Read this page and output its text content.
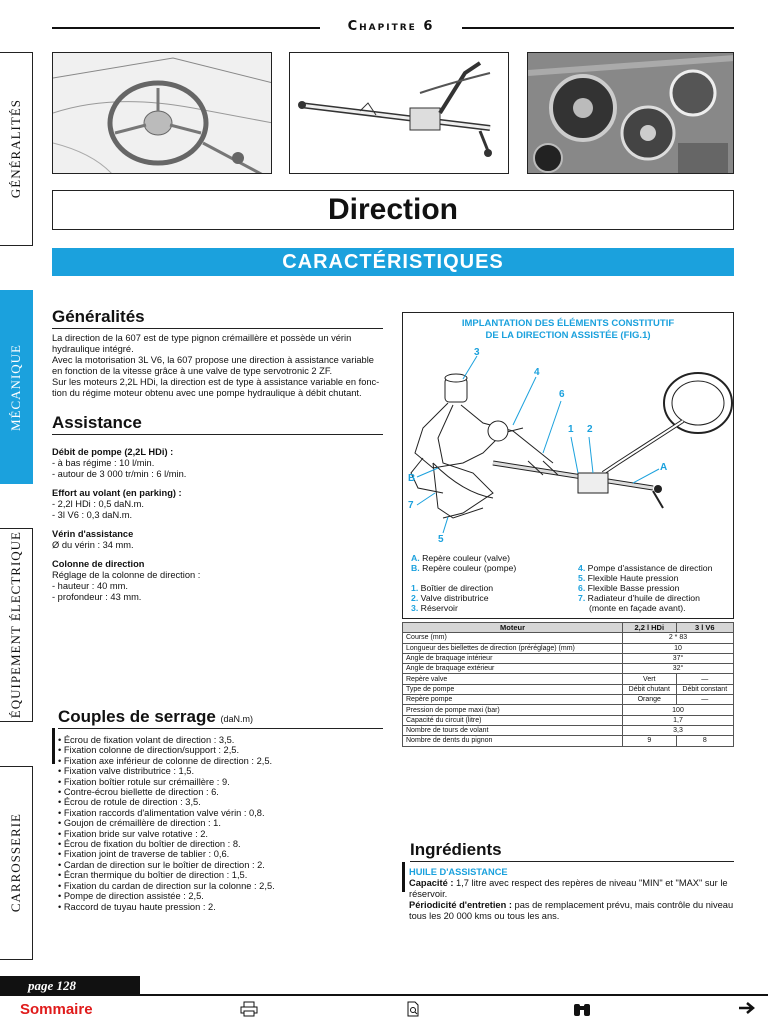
Chapitre 6
GÉNÉRALITÉS
MÉCANIQUE
ÉQUIPEMENT ÉLECTRIQUE
CARROSSERIE
Direction
CARACTÉRISTIQUES
Généralités

La direction de la 607 est de type pignon crémaillère et possède un vérin

hydraulique intégré.

Avec la motorisation 3L V6, la 607 propose une direction à assistance variable

en fonction de la vitesse grâce à une valve de type servotronic 2 ZF.

Sur les moteurs 2,2L HDi, la direction est de type à assistance variable en fonc-

tion du régime moteur obtenu avec une pompe hydraulique à débit chutant.

Assistance

Débit de pompe (2,2L HDi) :

- à bas régime : 10 l/min.

- autour de 3 000 tr/min : 6 l/min.

Effort au volant (en parking) :

- 2,2l HDi : 0,5 daN.m.

- 3l V6 : 0,3 daN.m.

Vérin d'assistance

Ø du vérin : 34 mm.

Colonne de direction

Réglage de la colonne de direction :

- hauteur : 40 mm.

- profondeur : 43 mm.

Couples de serrage (daN.m)

• Écrou de fixation volant de direction : 3,5.

• Fixation colonne de direction/support : 2,5.

• Fixation axe inférieur de colonne de direction : 2,5.

• Fixation valve distributrice : 1,5.

• Fixation boîtier rotule sur crémaillère : 9.

• Contre-écrou biellette de direction : 6.

• Écrou de rotule de direction : 3,5.

• Fixation raccords d'alimentation valve vérin : 0,8.

• Goujon de crémaillère de direction : 1.

• Fixation bride sur valve rotative : 2.

• Écrou de fixation du boîtier de direction : 8.

• Fixation joint de traverse de tablier : 0,6.

• Cardan de direction sur le boîtier de direction : 2.

• Écran thermique du boîtier de direction : 1,5.

• Fixation du cardan de direction sur la colonne : 2,5.

• Pompe de direction assistée : 2,5.

• Raccord de tuyau haute pression : 2.

IMPLANTATION DES ÉLÉMENTS CONSTITUTIF
DE LA DIRECTION ASSISTÉE (FIG.1)
3
4
6
1 2
A
B
7
5
A. Repère couleur (valve)
B. Repère couleur (pompe)
1. Boîtier de direction
2. Valve distributrice
3. Réservoir
4. Pompe d'assistance de direction
5. Flexible Haute pression
6. Flexible Basse pression
7. Radiateur d'huile de direction
(monte en façade avant).
Moteur	2,2 l HDi	3 l V6
Course (mm)	2 * 83	
Longueur des biellettes de direction (préréglage) (mm)	10	
Angle de braquage intérieur	37°	
Angle de braquage extérieur	32°	
Repère valve	Vert	—
Type de pompe	Débit chutant	Débit constant
Repère pompe	Orange	—
Pression de pompe maxi (bar)	100	
Capacité du circuit (litre)	1,7	
Nombre de tours de volant	3,3	
Nombre de dents du pignon	9	8
Ingrédients

HUILE D'ASSISTANCE

Capacité : 1,7 litre avec respect des repères de niveau "MIN" et "MAX" sur le

réservoir.

Périodicité d'entretien : pas de remplacement prévu, mais contrôle du niveau

tous les 20 000 kms ou tous les ans.

page 128
Sommaire
